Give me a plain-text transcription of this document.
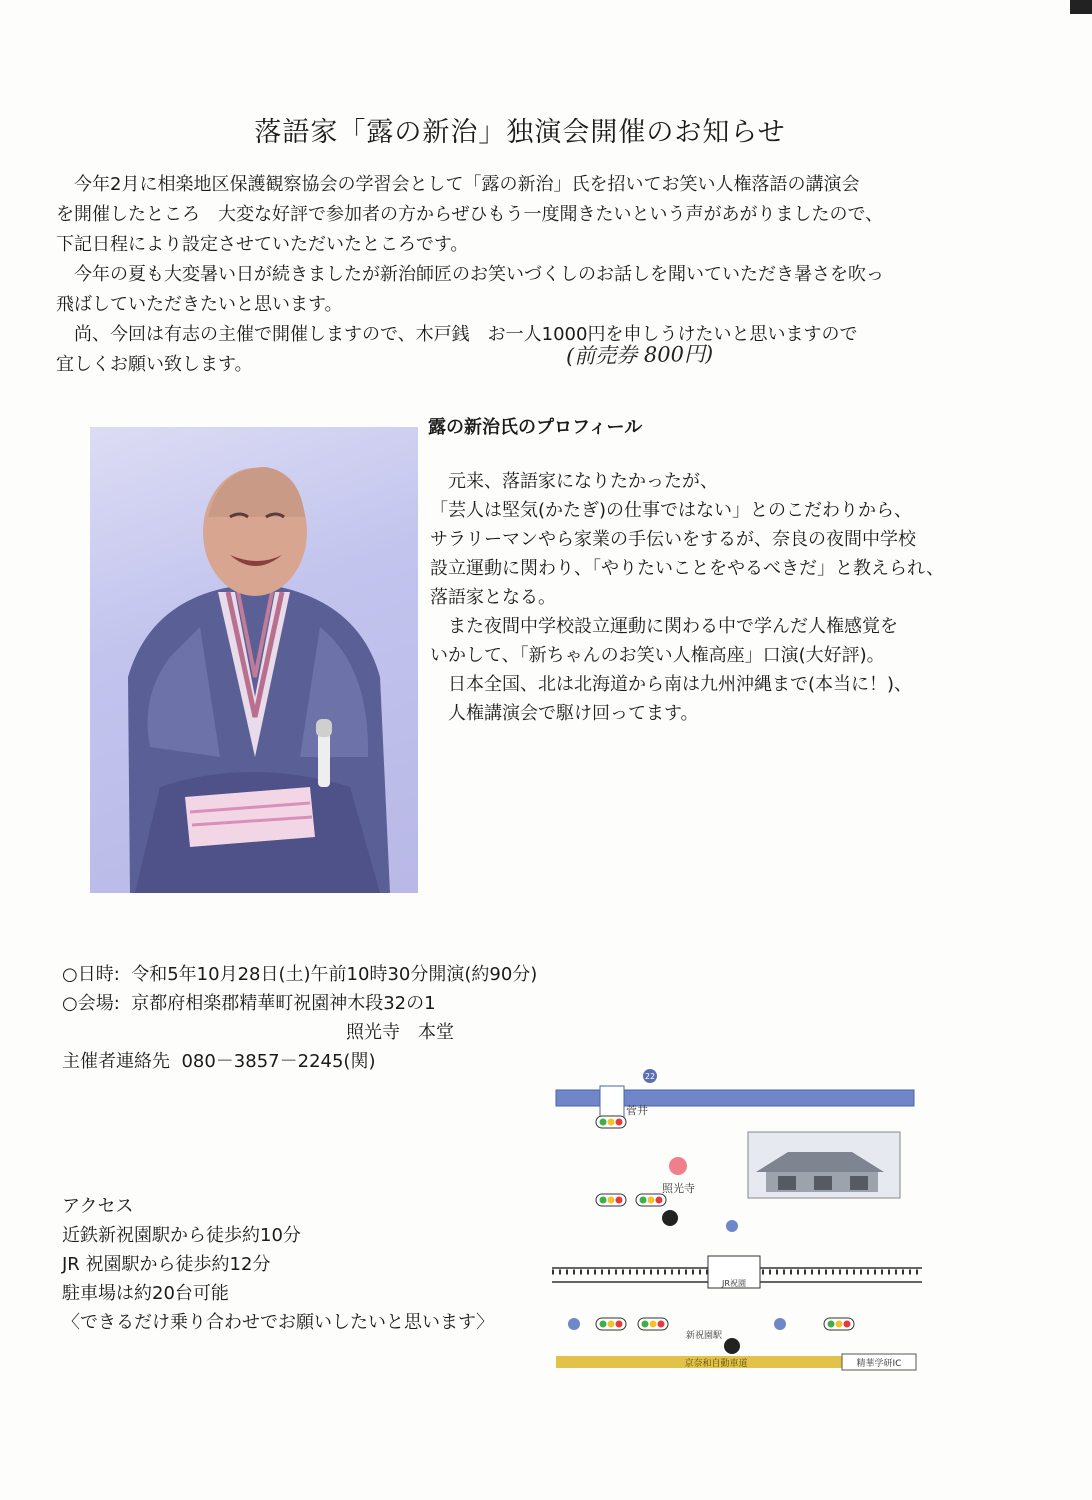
落語家「露の新治」独演会開催のお知らせ

今年2月に相楽地区保護観察協会の学習会として「露の新治」氏を招いてお笑い人権落語の講演会

を開催したところ　大変な好評で参加者の方からぜひもう一度聞きたいという声があがりましたので、

下記日程により設定させていただいたところです。

今年の夏も大変暑い日が続きましたが新治師匠のお笑いづくしのお話しを聞いていただき暑さを吹っ

飛ばしていただきたいと思います。

尚、今回は有志の主催で開催しますので、木戸銭　お一人1000円を申しうけたいと思いますので

宜しくお願い致します。	(前売券 800円)
露の新治氏のプロフィール

元来、落語家になりたかったが、

「芸人は堅気(かたぎ)の仕事ではない」とのこだわりから、

サラリーマンやら家業の手伝いをするが、奈良の夜間中学校

設立運動に関わり、「やりたいことをやるべきだ」と教えられ、

落語家となる。

また夜間中学校設立運動に関わる中で学んだ人権感覚を

いかして、「新ちゃんのお笑い人権高座」口演(大好評)。

日本全国、北は北海道から南は九州沖縄まで(本当に！)、

人権講演会で駆け回ってます。

○日時: 令和5年10月28日(土)午前10時30分開演(約90分)
○会場: 京都府相楽郡精華町祝園神木段32の1
照光寺　本堂
主催者連絡先 080－3857－2245(関)
アクセス
近鉄新祝園駅から徒歩約10分
JR 祝園駅から徒歩約12分
駐車場は約20台可能
〈できるだけ乗り合わせでお願いしたいと思います〉
22
菅井
照光寺
JR祝園
新祝園駅
京奈和自動車道	精華学研IC
